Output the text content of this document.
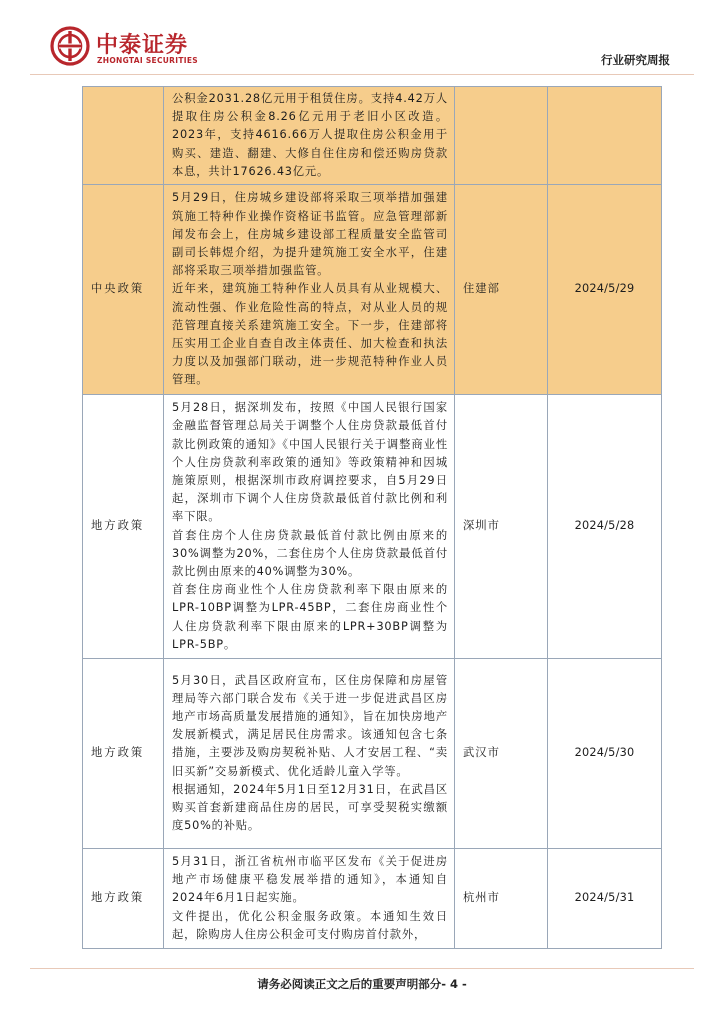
中泰证券
ZHONGTAI SECURITIES	行业研究周报

	公积金2031.28亿元用于租赁住房。支持4.42万人提取住房公积金8.26亿元用于老旧小区改造。2023年，支持4616.66万人提取住房公积金用于购买、建造、翻建、大修自住住房和偿还购房贷款本息，共计17626.43亿元。		

中央政策	5月29日，住房城乡建设部将采取三项举措加强建筑施工特种作业操作资格证书监管。应急管理部新闻发布会上，住房城乡建设部工程质量安全监管司副司长韩煜介绍，为提升建筑施工安全水平，住建部将采取三项举措加强监管。
近年来，建筑施工特种作业人员具有从业规模大、流动性强、作业危险性高的特点，对从业人员的规范管理直接关系建筑施工安全。下一步，住建部将压实用工企业自查自改主体责任、加大检查和执法力度以及加强部门联动，进一步规范特种作业人员管理。	住建部	2024/5/29
地方政策	5月28日，据深圳发布，按照《中国人民银行国家金融监督管理总局关于调整个人住房贷款最低首付款比例政策的通知》《中国人民银行关于调整商业性个人住房贷款利率政策的通知》等政策精神和因城施策原则，根据深圳市政府调控要求，自5月29日起，深圳市下调个人住房贷款最低首付款比例和利率下限。
首套住房个人住房贷款最低首付款比例由原来的30%调整为20%，二套住房个人住房贷款最低首付款比例由原来的40%调整为30%。
首套住房商业性个人住房贷款利率下限由原来的LPR-10BP调整为LPR-45BP，二套住房商业性个人住房贷款利率下限由原来的LPR+30BP调整为LPR-5BP。	深圳市	2024/5/28
地方政策	5月30日，武昌区政府宣布，区住房保障和房屋管理局等六部门联合发布《关于进一步促进武昌区房地产市场高质量发展措施的通知》，旨在加快房地产发展新模式，满足居民住房需求。该通知包含七条措施，主要涉及购房契税补贴、人才安居工程、“卖旧买新”交易新模式、优化适龄儿童入学等。
根据通知，2024年5月1日至12月31日，在武昌区购买首套新建商品住房的居民，可享受契税实缴额度50%的补贴。	武汉市	2024/5/30
地方政策	5月31日，浙江省杭州市临平区发布《关于促进房地产市场健康平稳发展举措的通知》，本通知自2024年6月1日起实施。
文件提出，优化公积金服务政策。本通知生效日起，除购房人住房公积金可支付购房首付款外，	杭州市	2024/5/31
请务必阅读正文之后的重要声明部分- 4 -
